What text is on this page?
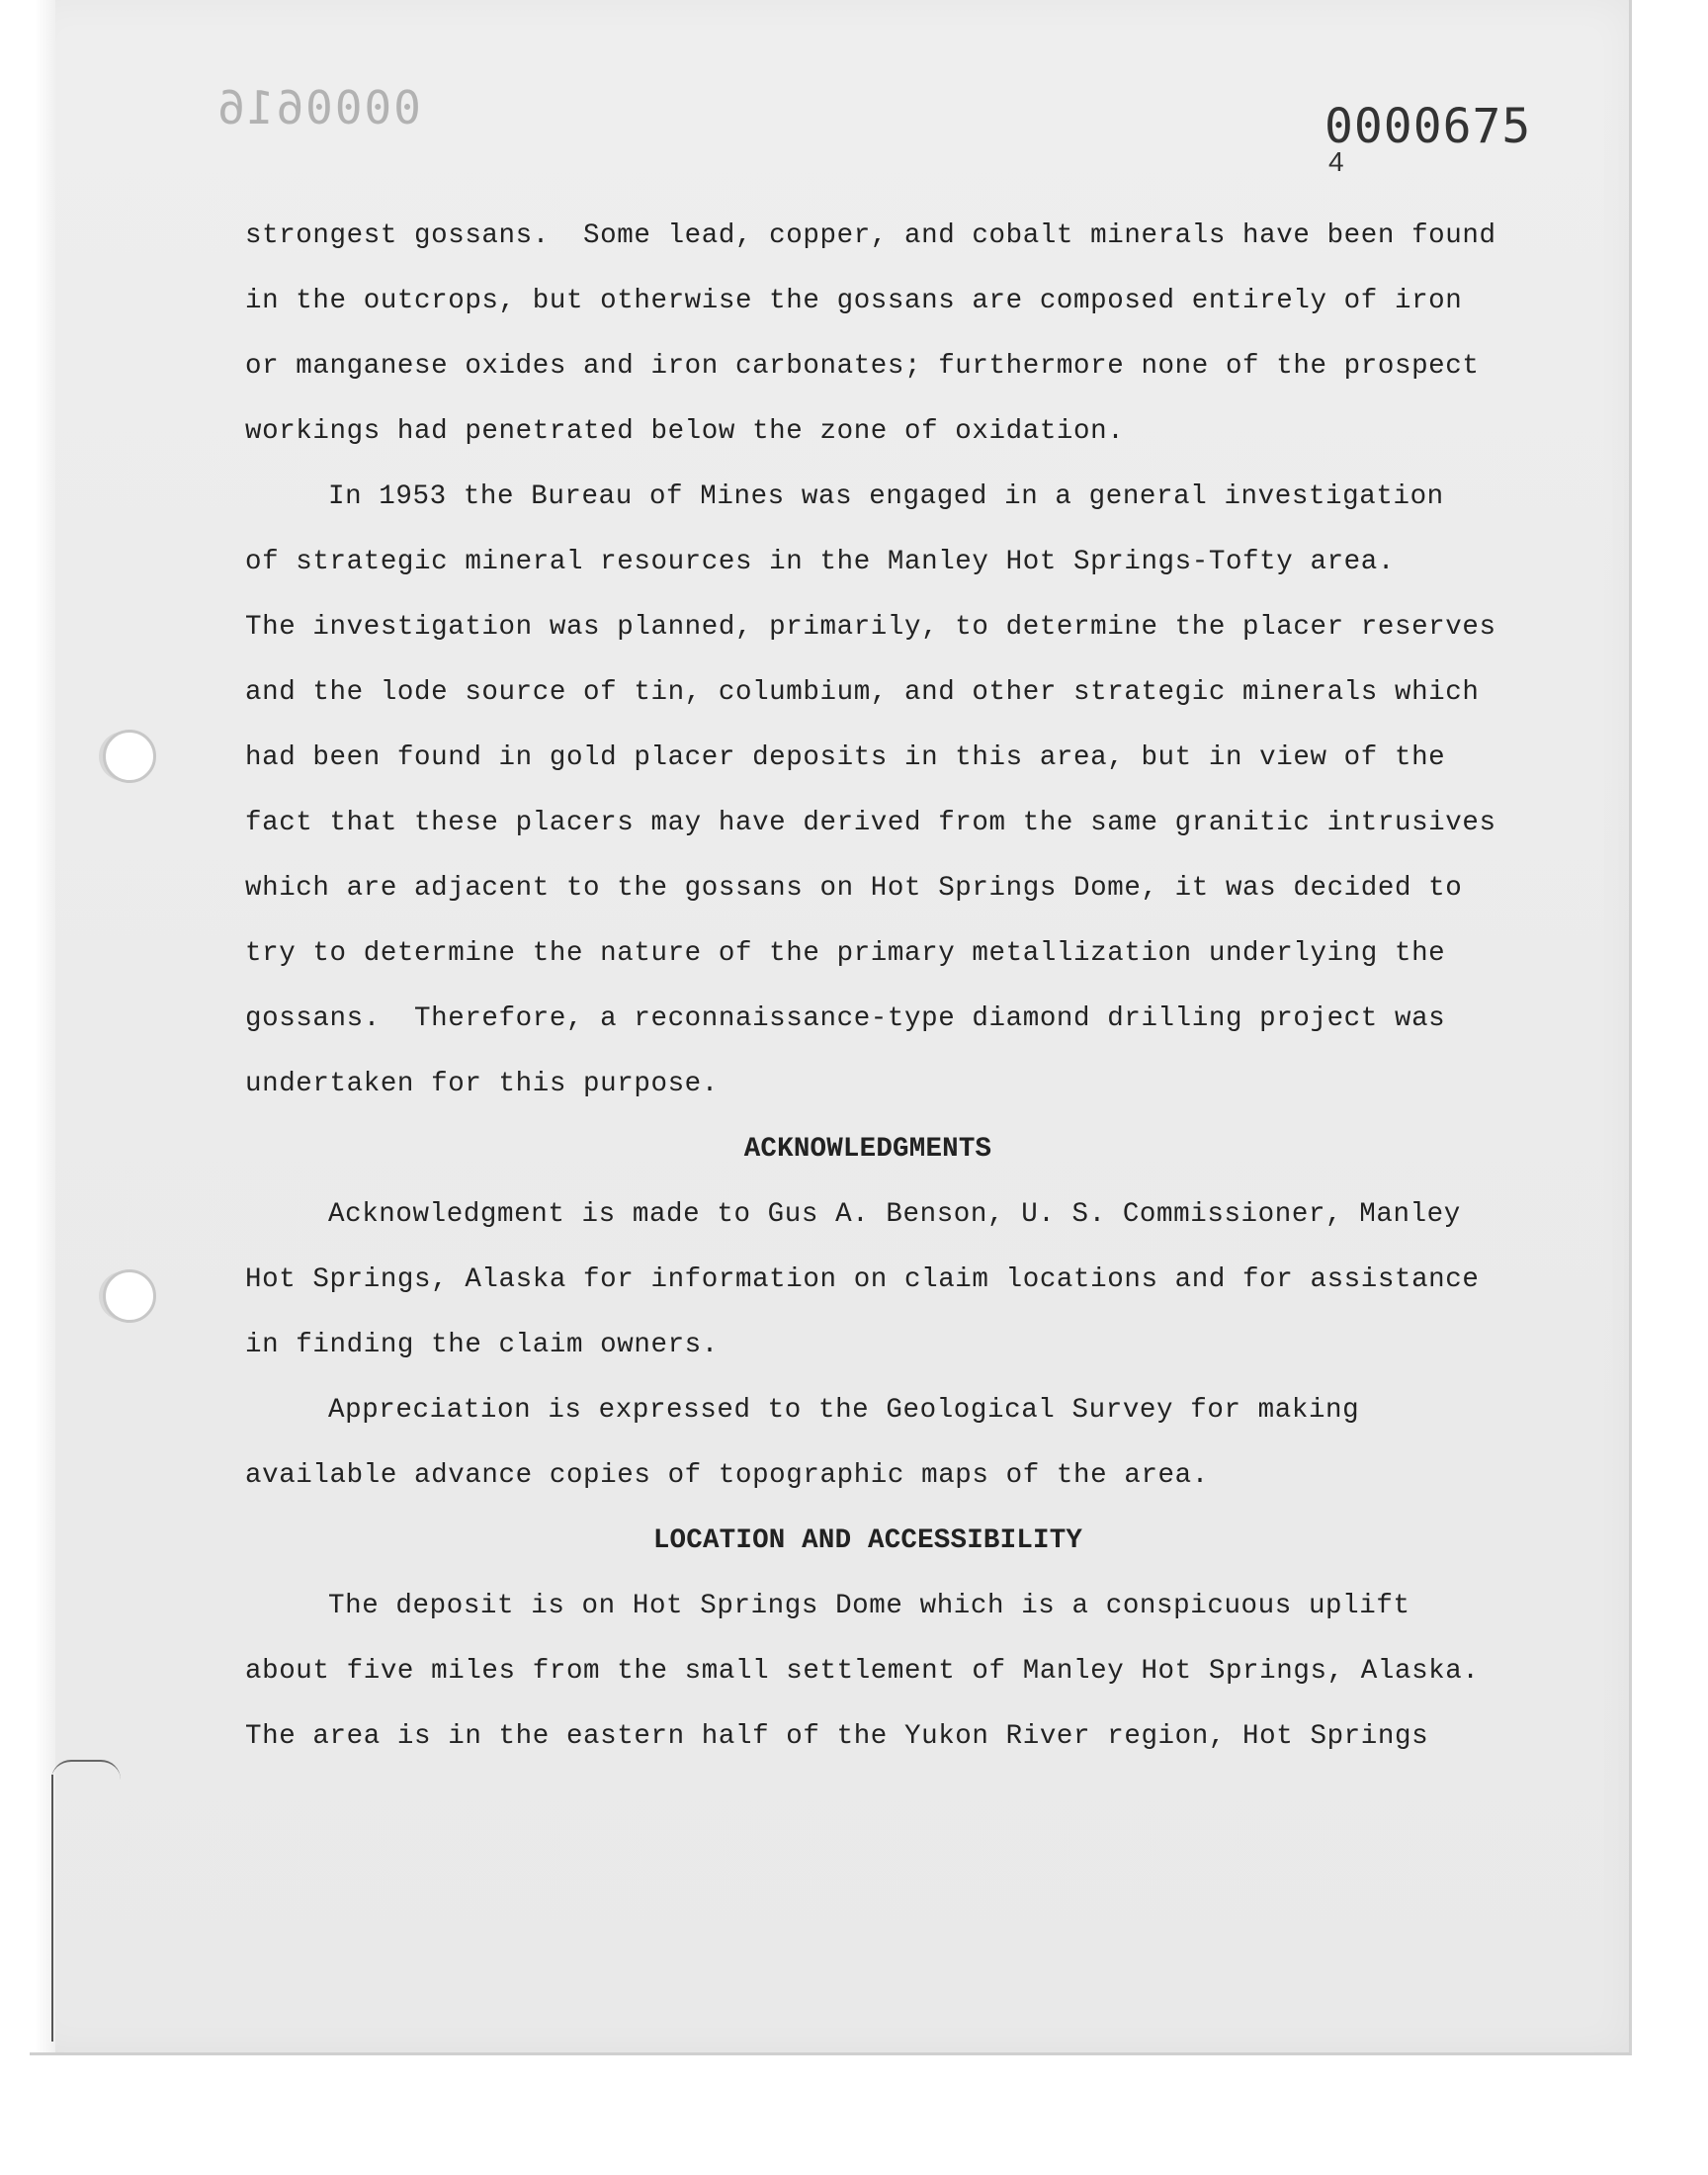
0000616	0000675
4
strongest gossans.  Some lead, copper, and cobalt minerals have been found
in the outcrops, but otherwise the gossans are composed entirely of iron
or manganese oxides and iron carbonates; furthermore none of the prospect
workings had penetrated below the zone of oxidation.
In 1953 the Bureau of Mines was engaged in a general investigation
of strategic mineral resources in the Manley Hot Springs-Tofty area.
The investigation was planned, primarily, to determine the placer reserves
and the lode source of tin, columbium, and other strategic minerals which
had been found in gold placer deposits in this area, but in view of the
fact that these placers may have derived from the same granitic intrusives
which are adjacent to the gossans on Hot Springs Dome, it was decided to
try to determine the nature of the primary metallization underlying the
gossans.  Therefore, a reconnaissance-type diamond drilling project was
undertaken for this purpose.
ACKNOWLEDGMENTS
Acknowledgment is made to Gus A. Benson, U. S. Commissioner, Manley
Hot Springs, Alaska for information on claim locations and for assistance
in finding the claim owners.
Appreciation is expressed to the Geological Survey for making
available advance copies of topographic maps of the area.
LOCATION AND ACCESSIBILITY
The deposit is on Hot Springs Dome which is a conspicuous uplift
about five miles from the small settlement of Manley Hot Springs, Alaska.
The area is in the eastern half of the Yukon River region, Hot Springs
